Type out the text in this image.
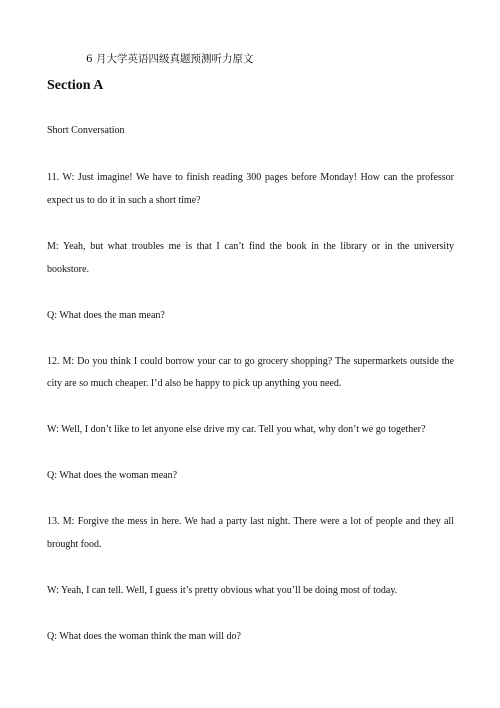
6 月大学英语四级真题预测听力原文
Section A
Short Conversation
11. W: Just imagine! We have to finish reading 300 pages before Monday! How can the professor
expect us to do it in such a short time?
M: Yeah, but what troubles me is that I can’t find the book in the library or in the university
bookstore.
Q: What does the man mean?
12. M: Do you think I could borrow your car to go grocery shopping? The supermarkets outside the
city are so much cheaper. I’d also be happy to pick up anything you need.
W: Well, I don’t like to let anyone else drive my car. Tell you what, why don’t we go together?
Q: What does the woman mean?
13. M: Forgive the mess in here. We had a party last night. There were a lot of people and they all
brought food.
W: Yeah, I can tell. Well, I guess it’s pretty obvious what you’ll be doing most of today.
Q: What does the woman think the man will do?
